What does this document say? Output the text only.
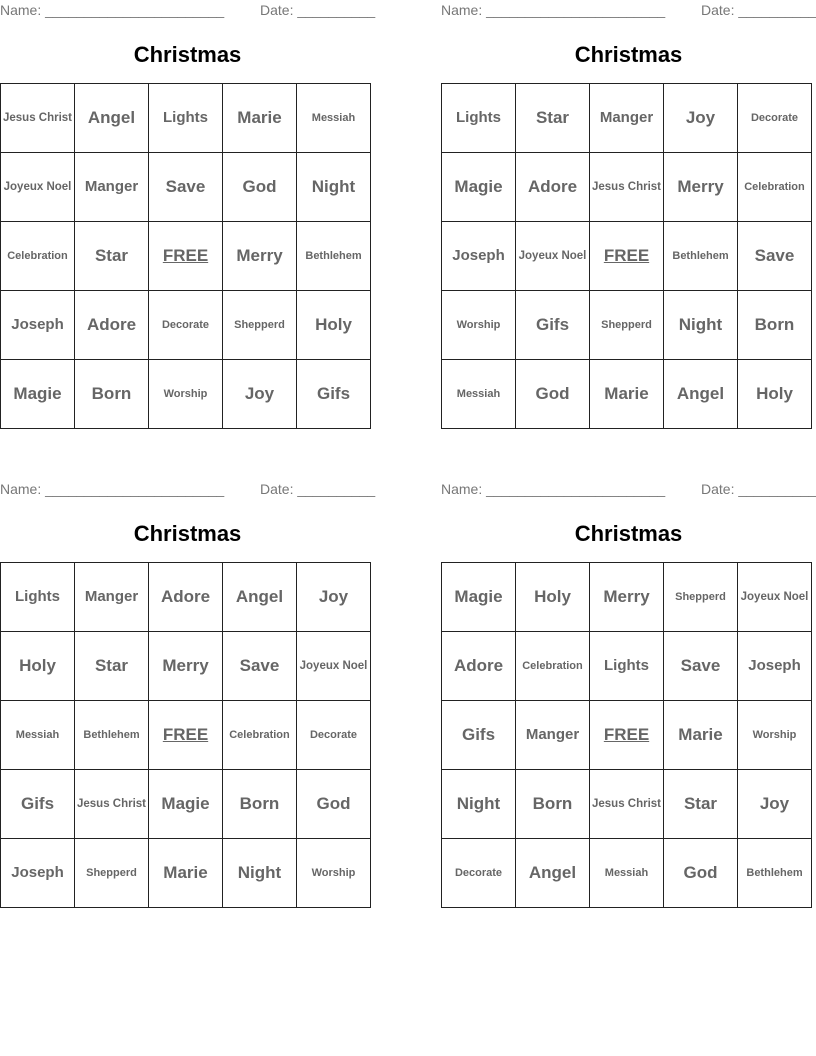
Name: _______________________	Date: __________
Christmas
Jesus Christ	Angel	Lights	Marie	Messiah
Joyeux Noel	Manger	Save	God	Night
Celebration	Star	FREE	Merry	Bethlehem
Joseph	Adore	Decorate	Shepperd	Holy
Magie	Born	Worship	Joy	Gifs
Name: _______________________	Date: __________
Christmas
Lights	Star	Manger	Joy	Decorate
Magie	Adore	Jesus Christ	Merry	Celebration
Joseph	Joyeux Noel	FREE	Bethlehem	Save
Worship	Gifs	Shepperd	Night	Born
Messiah	God	Marie	Angel	Holy
Name: _______________________	Date: __________
Christmas
Lights	Manger	Adore	Angel	Joy
Holy	Star	Merry	Save	Joyeux Noel
Messiah	Bethlehem	FREE	Celebration	Decorate
Gifs	Jesus Christ	Magie	Born	God
Joseph	Shepperd	Marie	Night	Worship
Name: _______________________	Date: __________
Christmas
Magie	Holy	Merry	Shepperd	Joyeux Noel
Adore	Celebration	Lights	Save	Joseph
Gifs	Manger	FREE	Marie	Worship
Night	Born	Jesus Christ	Star	Joy
Decorate	Angel	Messiah	God	Bethlehem
